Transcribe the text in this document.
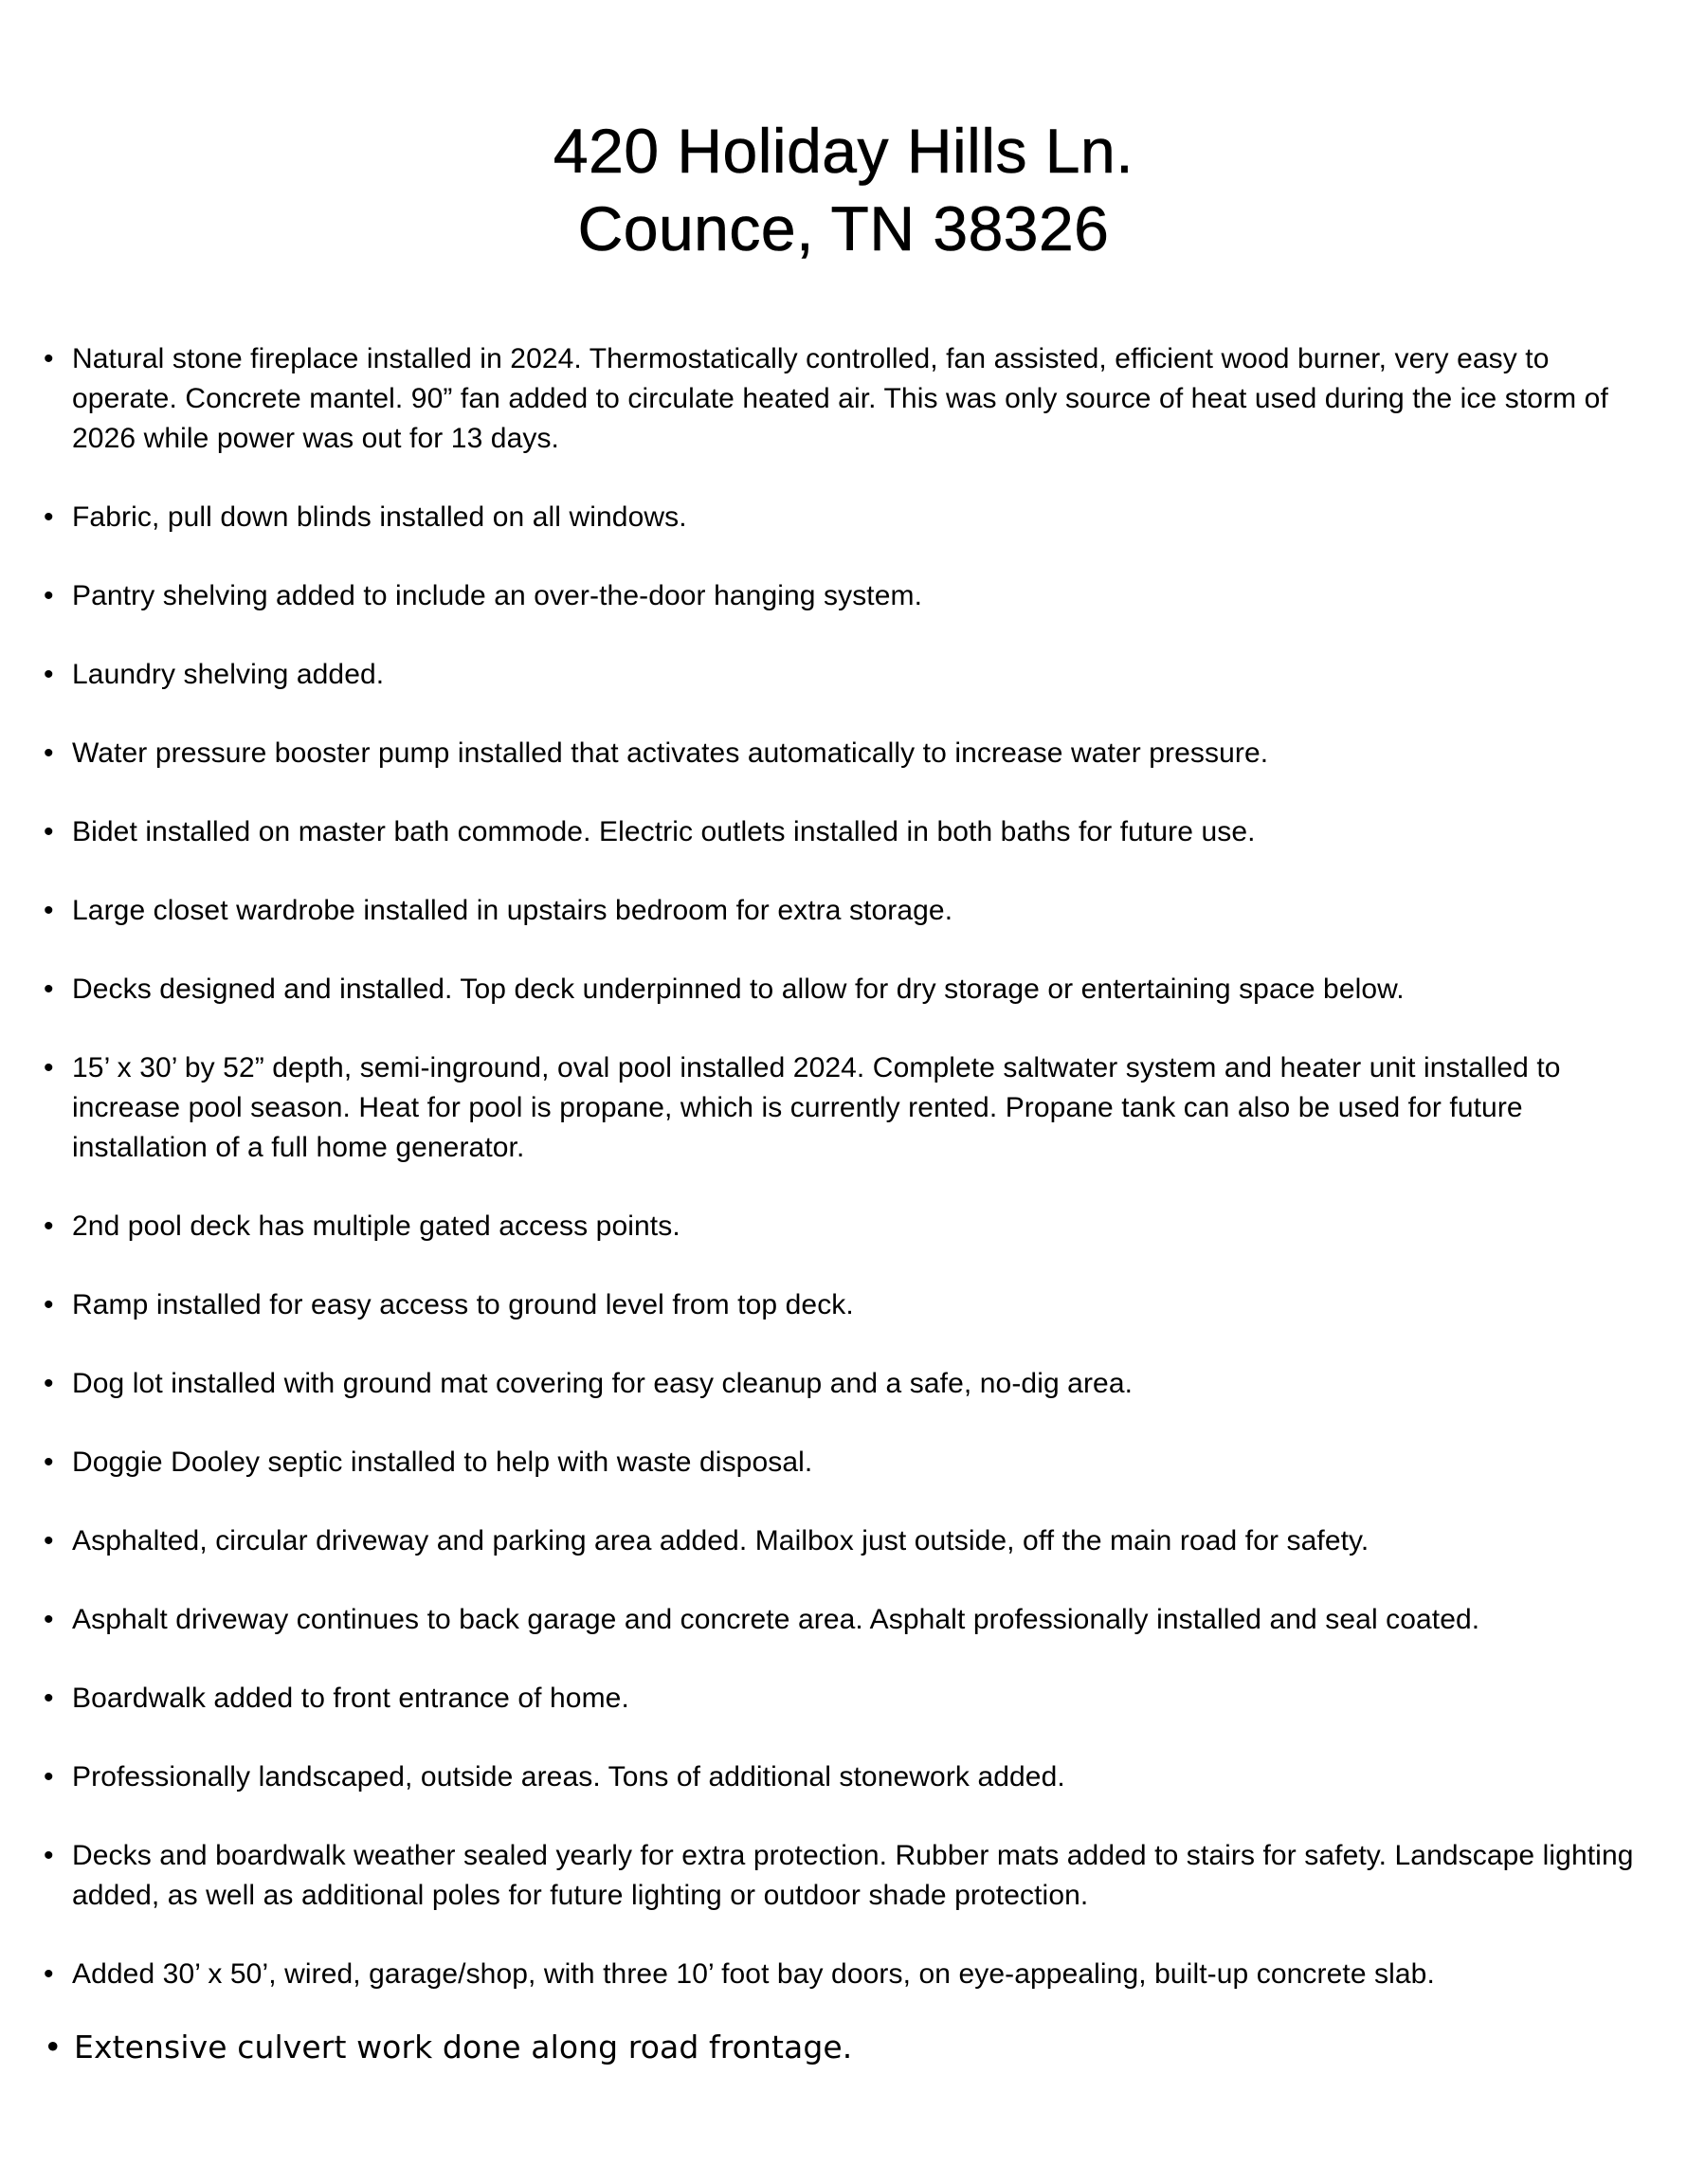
420 Holiday Hills Ln.
Counce, TN 38326
• Natural stone fireplace installed in 2024. Thermostatically controlled, fan assisted, efficient wood burner, very easy to operate. Concrete mantel. 90” fan added to circulate heated air. This was only source of heat used during the ice storm of 2026 while power was out for 13 days.
• Fabric, pull down blinds installed on all windows.
• Pantry shelving added to include an over-the-door hanging system.
• Laundry shelving added.
• Water pressure booster pump installed that activates automatically to increase water pressure.
• Bidet installed on master bath commode. Electric outlets installed in both baths for future use.
• Large closet wardrobe installed in upstairs bedroom for extra storage.
• Decks designed and installed. Top deck underpinned to allow for dry storage or entertaining space below.
• 15’ x 30’ by 52” depth, semi-inground, oval pool installed 2024. Complete saltwater system and heater unit installed to increase pool season. Heat for pool is propane, which is currently rented. Propane tank can also be used for future installation of a full home generator.
• 2nd pool deck has multiple gated access points.
• Ramp installed for easy access to ground level from top deck.
• Dog lot installed with ground mat covering for easy cleanup and a safe, no-dig area.
• Doggie Dooley septic installed to help with waste disposal.
• Asphalted, circular driveway and parking area added. Mailbox just outside, off the main road for safety.
• Asphalt driveway continues to back garage and concrete area. Asphalt professionally installed and seal coated.
• Boardwalk added to front entrance of home.
• Professionally landscaped, outside areas. Tons of additional stonework added.
• Decks and boardwalk weather sealed yearly for extra protection. Rubber mats added to stairs for safety. Landscape lighting added, as well as additional poles for future lighting or outdoor shade protection.
• Added 30’ x 50’, wired, garage/shop, with three 10’ foot bay doors, on eye-appealing, built-up concrete slab.
• Extensive culvert work done along road frontage.
